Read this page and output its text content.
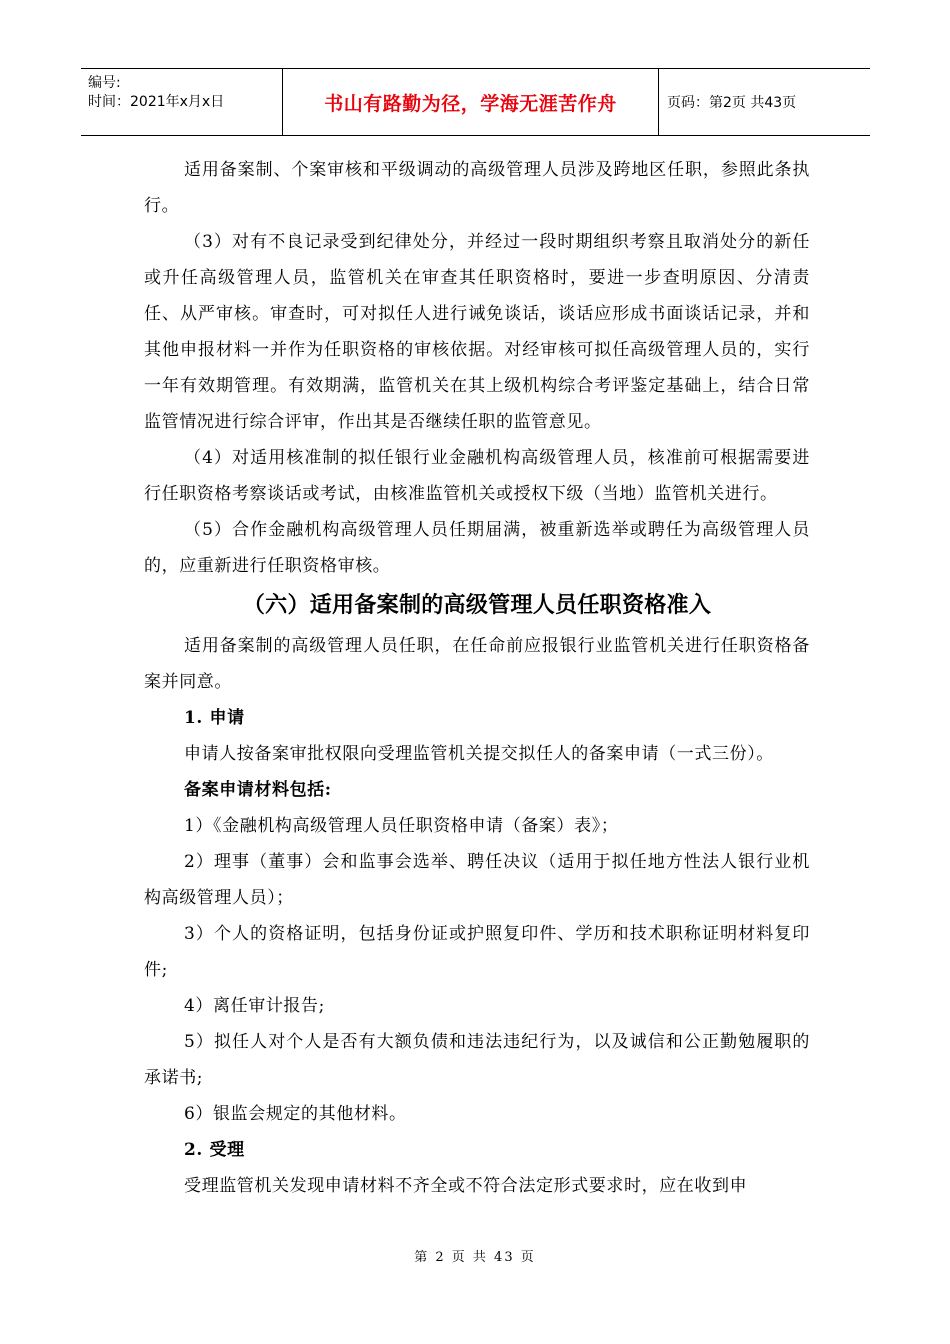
编号:
时间：2021年x月x日	书山有路勤为径，学海无涯苦作舟	页码：第2页 共43页

适用备案制、个案审核和平级调动的高级管理人员涉及跨地区任职，参照此条执行。

（3）对有不良记录受到纪律处分，并经过一段时期组织考察且取消处分的新任或升任高级管理人员，监管机关在审查其任职资格时，要进一步查明原因、分清责任、从严审核。审查时，可对拟任人进行诫免谈话，谈话应形成书面谈话记录，并和其他申报材料一并作为任职资格的审核依据。对经审核可拟任高级管理人员的，实行一年有效期管理。有效期满，监管机关在其上级机构综合考评鉴定基础上，结合日常监管情况进行综合评审，作出其是否继续任职的监管意见。

（4）对适用核准制的拟任银行业金融机构高级管理人员，核准前可根据需要进行任职资格考察谈话或考试，由核准监管机关或授权下级（当地）监管机关进行。

（5）合作金融机构高级管理人员任期届满，被重新选举或聘任为高级管理人员的，应重新进行任职资格审核。

（六）适用备案制的高级管理人员任职资格准入

适用备案制的高级管理人员任职，在任命前应报银行业监管机关进行任职资格备案并同意。

1. 申请

申请人按备案审批权限向受理监管机关提交拟任人的备案申请（一式三份）。

备案申请材料包括:

1）《金融机构高级管理人员任职资格申请（备案）表》；

2）理事（董事）会和监事会选举、聘任决议（适用于拟任地方性法人银行业机构高级管理人员）；

3）个人的资格证明，包括身份证或护照复印件、学历和技术职称证明材料复印件;

4）离任审计报告;

5）拟任人对个人是否有大额负债和违法违纪行为，以及诚信和公正勤勉履职的承诺书;

6）银监会规定的其他材料。

2. 受理

受理监管机关发现申请材料不齐全或不符合法定形式要求时，应在收到申

第 2 页 共 43 页
